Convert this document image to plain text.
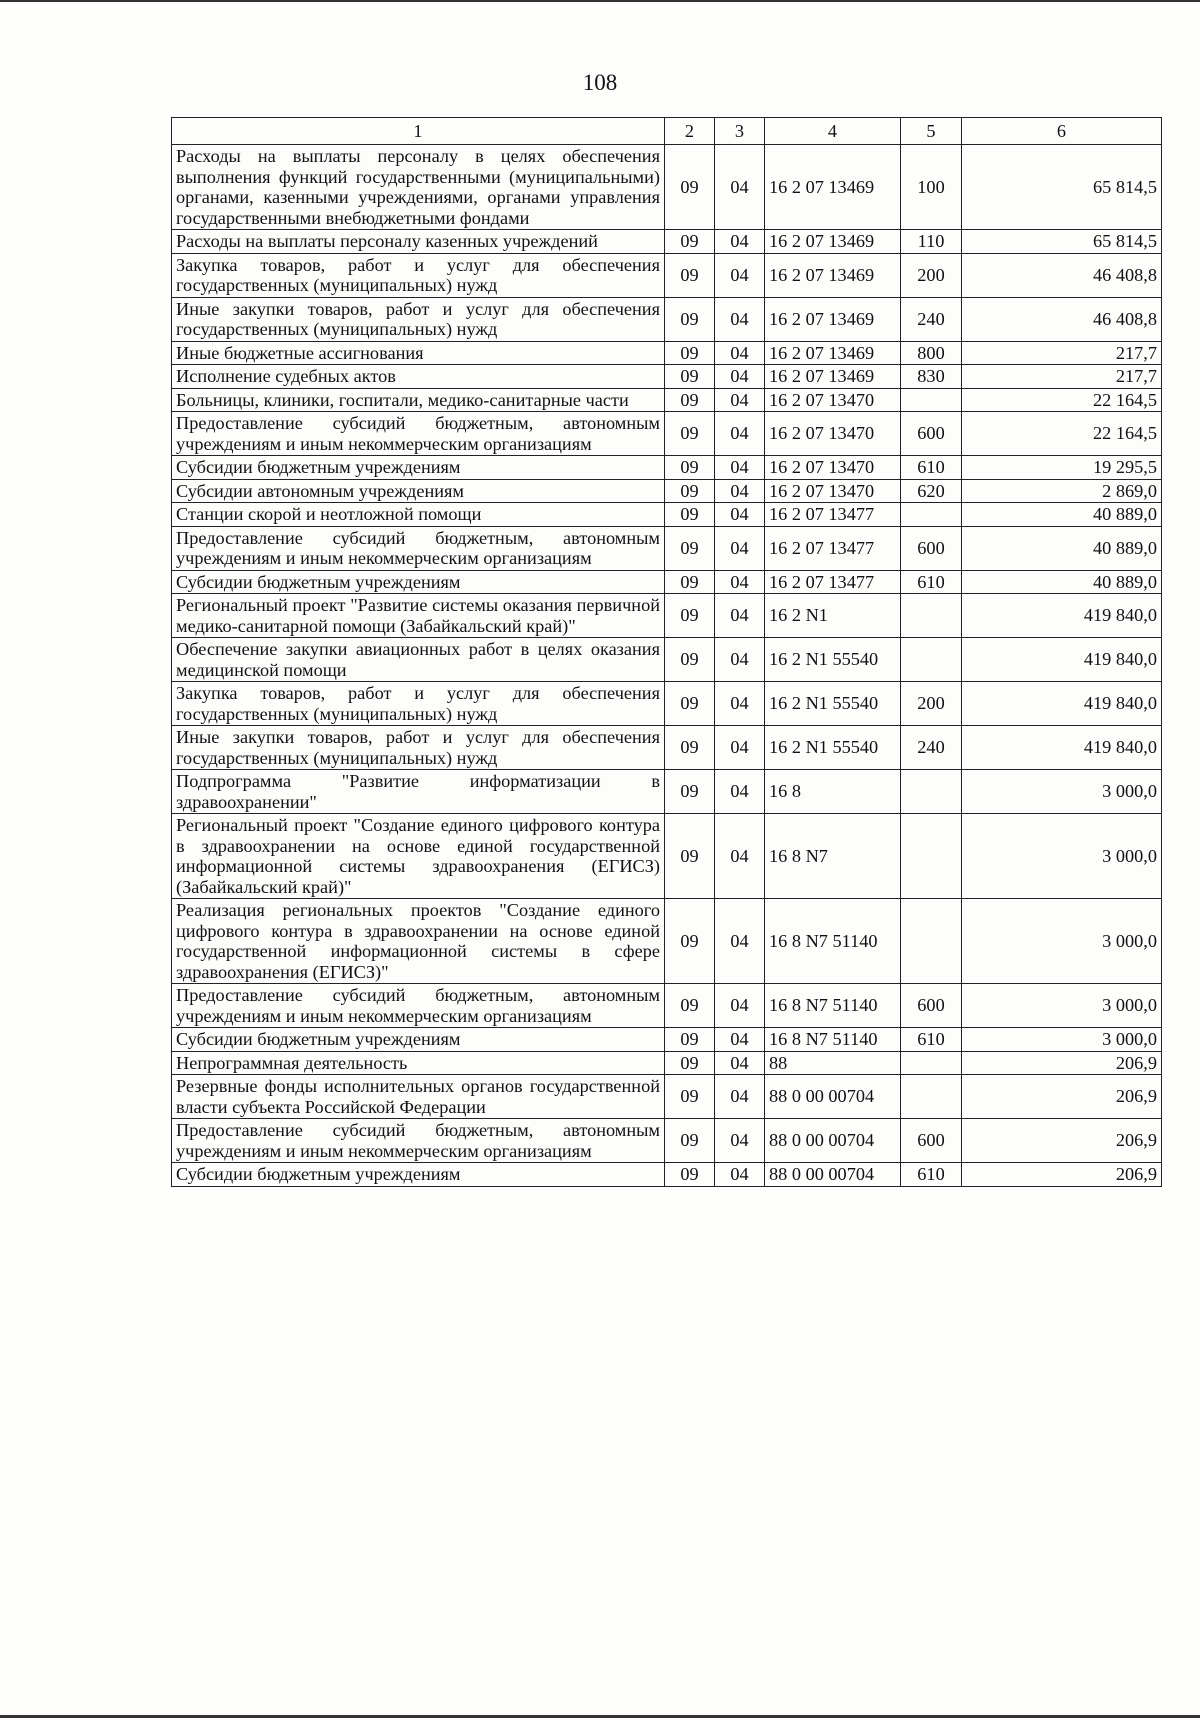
108
1	2	3	4	5	6
Расходы на выплаты персоналу в целях обеспечения выполнения функций государственными (муниципальными) органами, казенными учреждениями, органами управления государственными внебюджетными фондами	09	04	16 2 07 13469	100	65 814,5
Расходы на выплаты персоналу казенных учреждений	09	04	16 2 07 13469	110	65 814,5
Закупка товаров, работ и услуг для обеспечения государственных (муниципальных) нужд	09	04	16 2 07 13469	200	46 408,8
Иные закупки товаров, работ и услуг для обеспечения государственных (муниципальных) нужд	09	04	16 2 07 13469	240	46 408,8
Иные бюджетные ассигнования	09	04	16 2 07 13469	800	217,7
Исполнение судебных актов	09	04	16 2 07 13469	830	217,7
Больницы, клиники, госпитали, медико-санитарные части	09	04	16 2 07 13470		22 164,5
Предоставление субсидий бюджетным, автономным учреждениям и иным некоммерческим организациям	09	04	16 2 07 13470	600	22 164,5
Субсидии бюджетным учреждениям	09	04	16 2 07 13470	610	19 295,5
Субсидии автономным учреждениям	09	04	16 2 07 13470	620	2 869,0
Станции скорой и неотложной помощи	09	04	16 2 07 13477		40 889,0
Предоставление субсидий бюджетным, автономным учреждениям и иным некоммерческим организациям	09	04	16 2 07 13477	600	40 889,0
Субсидии бюджетным учреждениям	09	04	16 2 07 13477	610	40 889,0
Региональный проект "Развитие системы оказания первичной медико-санитарной помощи (Забайкальский край)"	09	04	16 2 N1		419 840,0
Обеспечение закупки авиационных работ в целях оказания медицинской помощи	09	04	16 2 N1 55540		419 840,0
Закупка товаров, работ и услуг для обеспечения государственных (муниципальных) нужд	09	04	16 2 N1 55540	200	419 840,0
Иные закупки товаров, работ и услуг для обеспечения государственных (муниципальных) нужд	09	04	16 2 N1 55540	240	419 840,0
Подпрограмма "Развитие информатизации в здравоохранении"	09	04	16 8		3 000,0
Региональный проект "Создание единого цифрового контура в здравоохранении на основе единой государственной информационной системы здравоохранения (ЕГИСЗ) (Забайкальский край)"	09	04	16 8 N7		3 000,0
Реализация региональных проектов "Создание единого цифрового контура в здравоохранении на основе единой государственной информационной системы в сфере здравоохранения (ЕГИСЗ)"	09	04	16 8 N7 51140		3 000,0
Предоставление субсидий бюджетным, автономным учреждениям и иным некоммерческим организациям	09	04	16 8 N7 51140	600	3 000,0
Субсидии бюджетным учреждениям	09	04	16 8 N7 51140	610	3 000,0
Непрограммная деятельность	09	04	88		206,9
Резервные фонды исполнительных органов государственной власти субъекта Российской Федерации	09	04	88 0 00 00704		206,9
Предоставление субсидий бюджетным, автономным учреждениям и иным некоммерческим организациям	09	04	88 0 00 00704	600	206,9
Субсидии бюджетным учреждениям	09	04	88 0 00 00704	610	206,9
